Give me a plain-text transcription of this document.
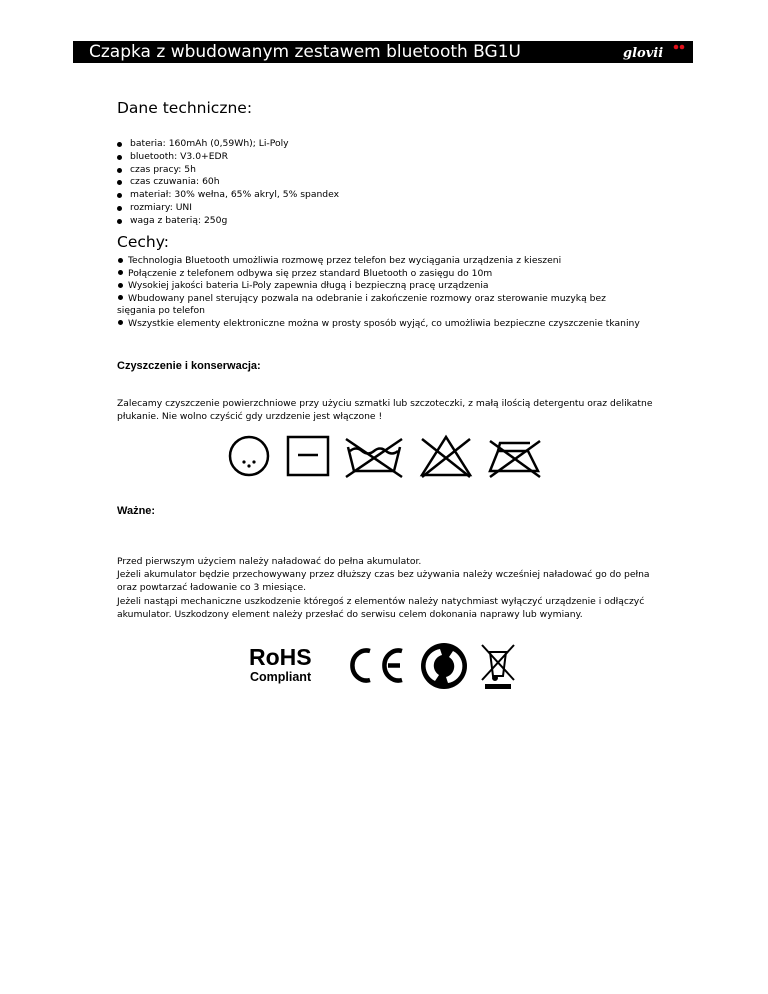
Czapka z wbudowanym zestawem bluetooth BG1U	glovii
Dane techniczne:
bateria: 160mAh (0,59Wh); Li-Poly
bluetooth: V3.0+EDR
czas pracy: 5h
czas czuwania: 60h
materiał: 30% wełna, 65% akryl, 5% spandex
rozmiary: UNI
waga z baterią: 250g
Cechy:

Technologia Bluetooth umożliwia rozmowę przez telefon bez wyciągania urządzenia z kieszeni

Połączenie z telefonem odbywa się przez standard Bluetooth o zasięgu do 10m

Wysokiej jakości bateria Li-Poly zapewnia długą i bezpieczną pracę urządzenia

Wbudowany panel sterujący pozwala na odebranie i zakończenie rozmowy oraz sterowanie muzyką bez sięgania po telefon

Wszystkie elementy elektroniczne można w prosty sposób wyjąć, co umożliwia bezpieczne czyszczenie tkaniny

Czyszczenie i konserwacja:

Zalecamy czyszczenie powierzchniowe przy użyciu szmatki lub szczoteczki, z małą ilością detergentu oraz delikatne płukanie. Nie wolno czyścić gdy urzdzenie jest włączone !

Ważne:

Przed pierwszym użyciem należy naładować do pełna akumulator.

Jeżeli akumulator będzie przechowywany przez dłuższy czas bez używania należy wcześniej naładować go do pełna oraz powtarzać ładowanie co 3 miesiące.

Jeżeli nastąpi mechaniczne uszkodzenie któregoś z elementów należy natychmiast wyłączyć urządzenie i odłączyć akumulator. Uszkodzony element należy przesłać do serwisu celem dokonania naprawy lub wymiany.

RoHS
Compliant
